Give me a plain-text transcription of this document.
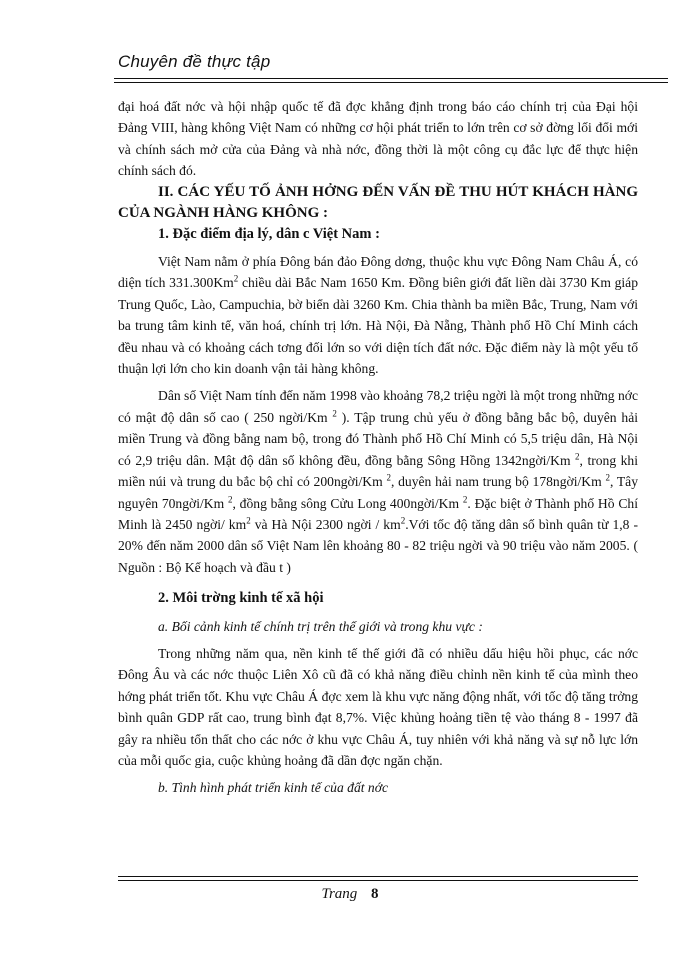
Chuyên đề thực tập

đại hoá đất nớc và hội nhập quốc tế đã đợc khẳng định trong báo cáo chính trị của Đại hội Đảng VIII, hàng không Việt Nam có những cơ hội phát triển to lớn trên cơ sở đờng lối đổi mới và chính sách mở cửa của Đảng và nhà nớc, đồng thời là một công cụ đắc lực để thực hiện chính sách đó.

II. CÁC YẾU TỐ ẢNH HỞNG ĐẾN VẤN ĐỀ THU HÚT KHÁCH HÀNG CỦA NGÀNH HÀNG KHÔNG :

1. Đặc điểm địa lý, dân c Việt Nam :

Việt Nam nằm ở phía Đông bán đảo Đông dơng, thuộc khu vực Đông Nam Châu Á, có diện tích 331.300Km$^2$ chiều dài Bắc Nam 1650 Km. Đồng biên giới đất liền dài 3730 Km giáp Trung Quốc, Lào, Campuchia, bờ biển dài 3260 Km. Chia thành ba miền Bắc, Trung, Nam với ba trung tâm kinh tế, văn hoá, chính trị lớn. Hà Nội, Đà Nẵng, Thành phố Hồ Chí Minh cách đều nhau và có khoảng cách tơng đối lớn so với diện tích đất nớc. Đặc điểm này là một yếu tố thuận lợi lớn cho kin doanh vận tải hàng không.

Dân số Việt Nam tính đến năm 1998 vào khoảng 78,2 triệu ngời là một trong những nớc có mật độ dân số cao ( 250 ngời/Km $^2$ ). Tập trung chủ yếu ở đồng bằng bắc bộ, duyên hải miền Trung và đồng bằng nam bộ, trong đó Thành phố Hồ Chí Minh có 5,5 triệu dân, Hà Nội có 2,9 triệu dân. Mật độ dân số không đều, đồng bằng Sông Hồng 1342ngời/Km $^2$, trong khi miền núi và trung du bắc bộ chỉ có 200ngời/Km $^2$, duyên hải nam trung bộ 178ngời/Km $^2$, Tây nguyên 70ngời/Km $^2$, đồng bằng sông Cửu Long 400ngời/Km $^2$. Đặc biệt ở Thành phố Hồ Chí Minh là 2450 ngời/ $km^2$ và Hà Nội 2300 ngời / $km^2.Với$ tốc độ tăng dân số bình quân từ 1,8 - 20% đến năm 2000 dân số Việt Nam lên khoảng 80 - 82 triệu ngời và 90 triệu vào năm 2005. ( Nguồn : Bộ Kế hoạch và đầu t )

2. Môi trờng kinh tế xã hội

a. Bối cảnh kinh tế chính trị trên thế giới và trong khu vực :

Trong những năm qua, nền kinh tế thế giới đã có nhiều dấu hiệu hồi phục, các nớc Đông Âu và các nớc thuộc Liên Xô cũ đã có khả năng điều chỉnh nền kinh tế của mình theo hớng phát triển tốt. Khu vực Châu Á đợc xem là khu vực năng động nhất, với tốc độ tăng trởng bình quân GDP rất cao, trung bình đạt 8,7%. Việc khủng hoảng tiền tệ vào tháng 8 - 1997 đã gây ra nhiều tổn thất cho các nớc ở khu vực Châu Á, tuy nhiên với khả năng và sự nỗ lực lớn của mỗi quốc gia, cuộc khủng hoảng đã dần đợc ngăn chặn.

b. Tình hình phát triển kinh tế của đất nớc

Trang 8
